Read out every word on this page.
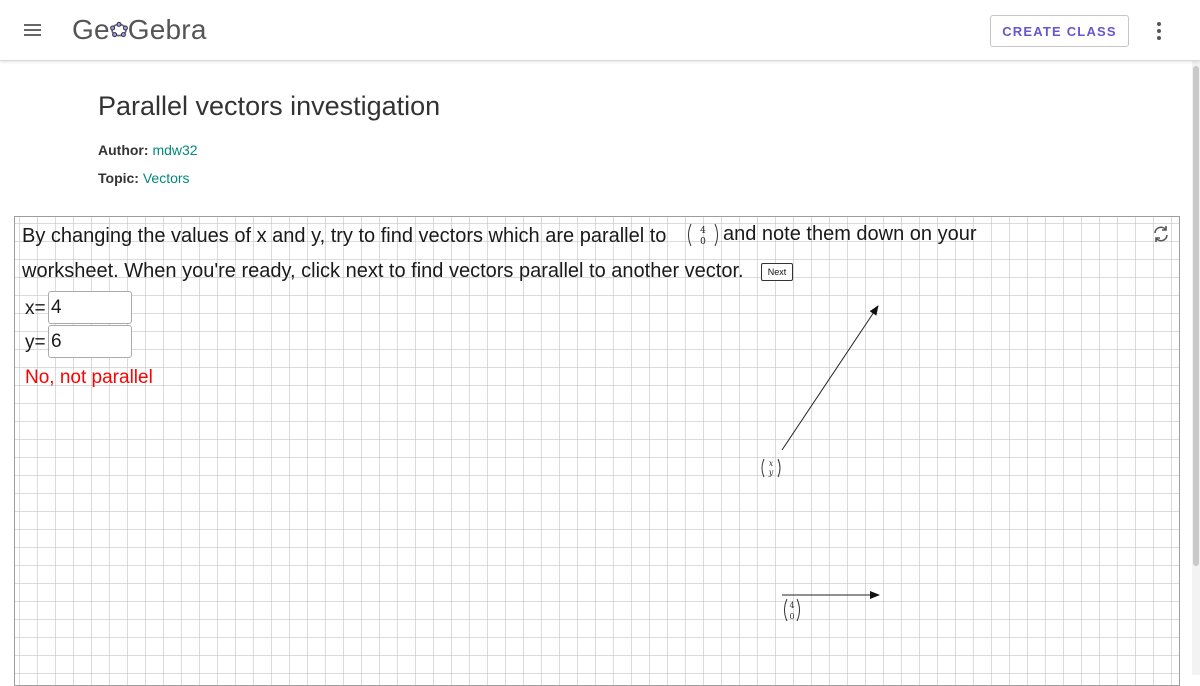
Ge Gebra	CREATE CLASS
Parallel vectors investigation
Author: mdw32
Topic: Vectors
By changing the values of x and y, try to find vectors which are parallel to	4
0 and note them down on your
worksheet. When you're ready, click next to find vectors parallel to another vector.	Next
x=
4
y=
6
No, not parallel
x
y
4
0
